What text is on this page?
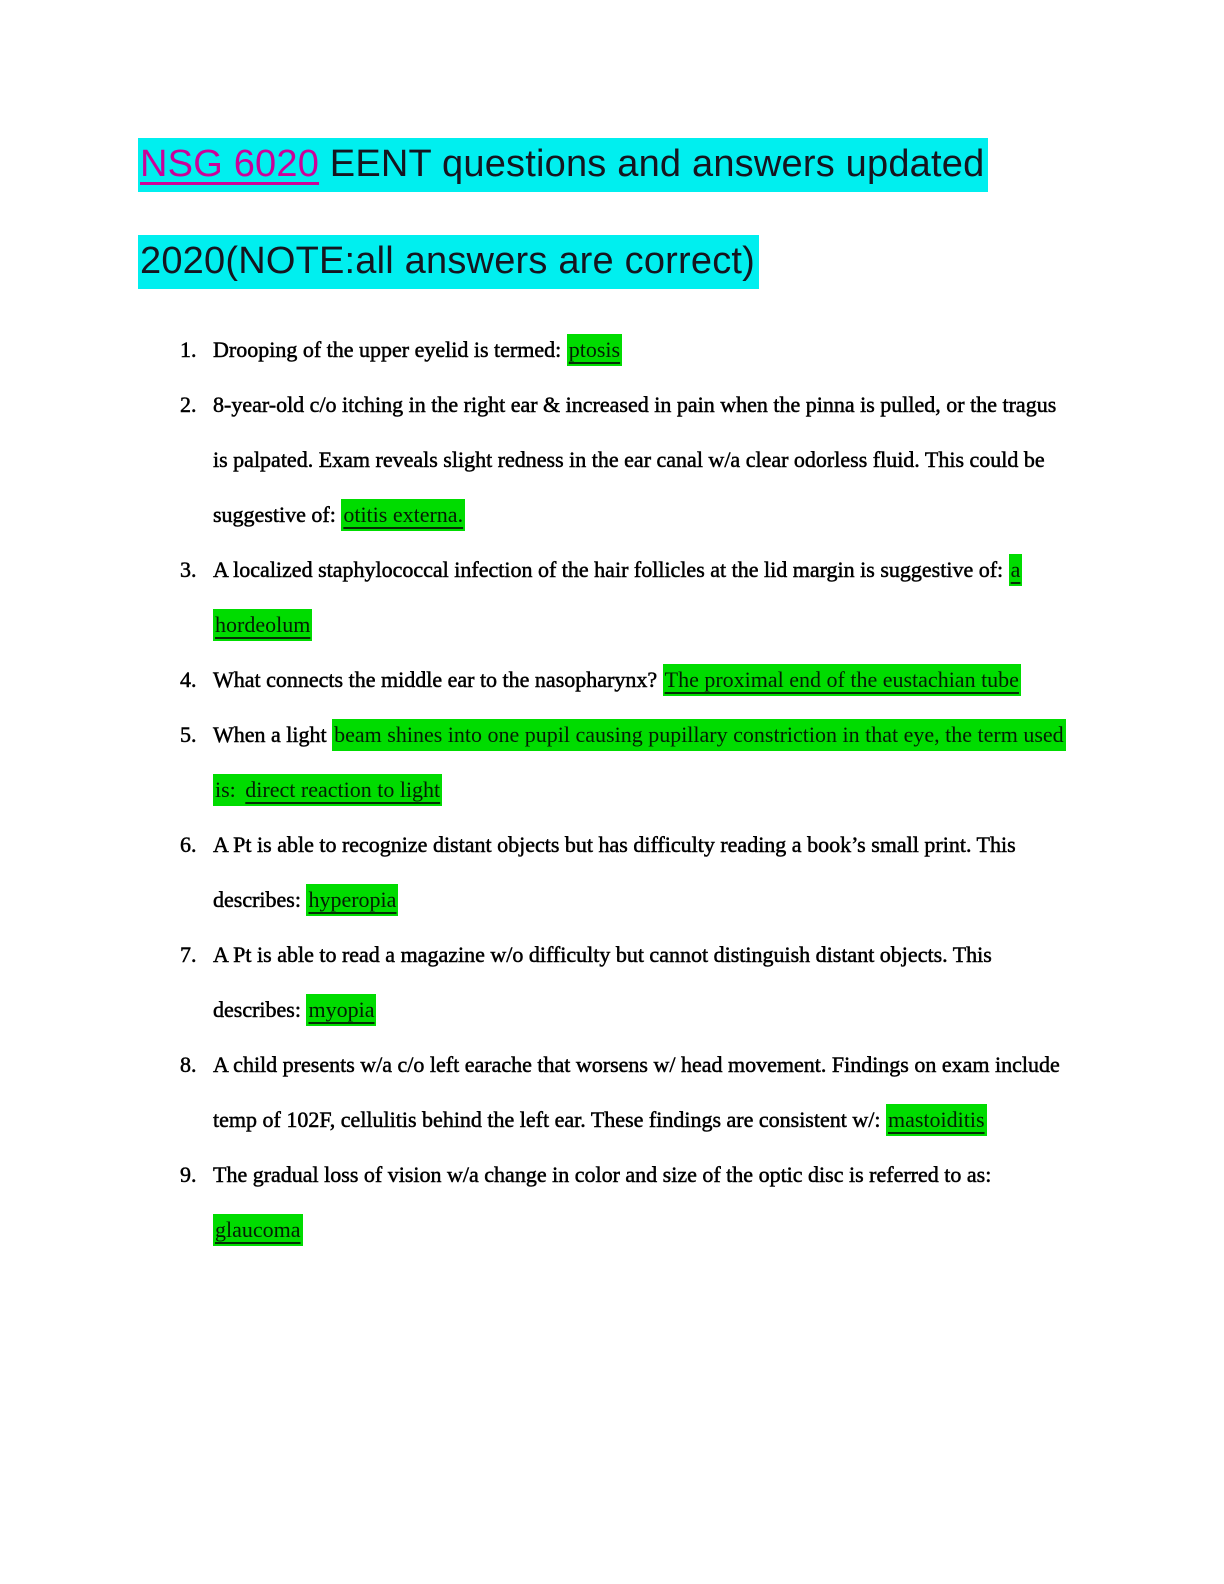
NSG 6020 EENT questions and answers updated
2020(NOTE:all answers are correct)
1. Drooping of the upper eyelid is termed: ptosis
2. 8-year-old c/o itching in the right ear & increased in pain when the pinna is pulled, or the tragus is palpated. Exam reveals slight redness in the ear canal w/a clear odorless fluid. This could be suggestive of: otitis externa.
3. A localized staphylococcal infection of the hair follicles at the lid margin is suggestive of: a hordeolum
4. What connects the middle ear to the nasopharynx? The proximal end of the eustachian tube
5. When a light beam shines into one pupil causing pupillary constriction in that eye, the term used is: direct reaction to light
6. A Pt is able to recognize distant objects but has difficulty reading a book’s small print. This describes: hyperopia
7. A Pt is able to read a magazine w/o difficulty but cannot distinguish distant objects. This describes: myopia
8. A child presents w/a c/o left earache that worsens w/ head movement. Findings on exam include temp of 102F, cellulitis behind the left ear. These findings are consistent w/: mastoiditis
9. The gradual loss of vision w/a change in color and size of the optic disc is referred to as: glaucoma
